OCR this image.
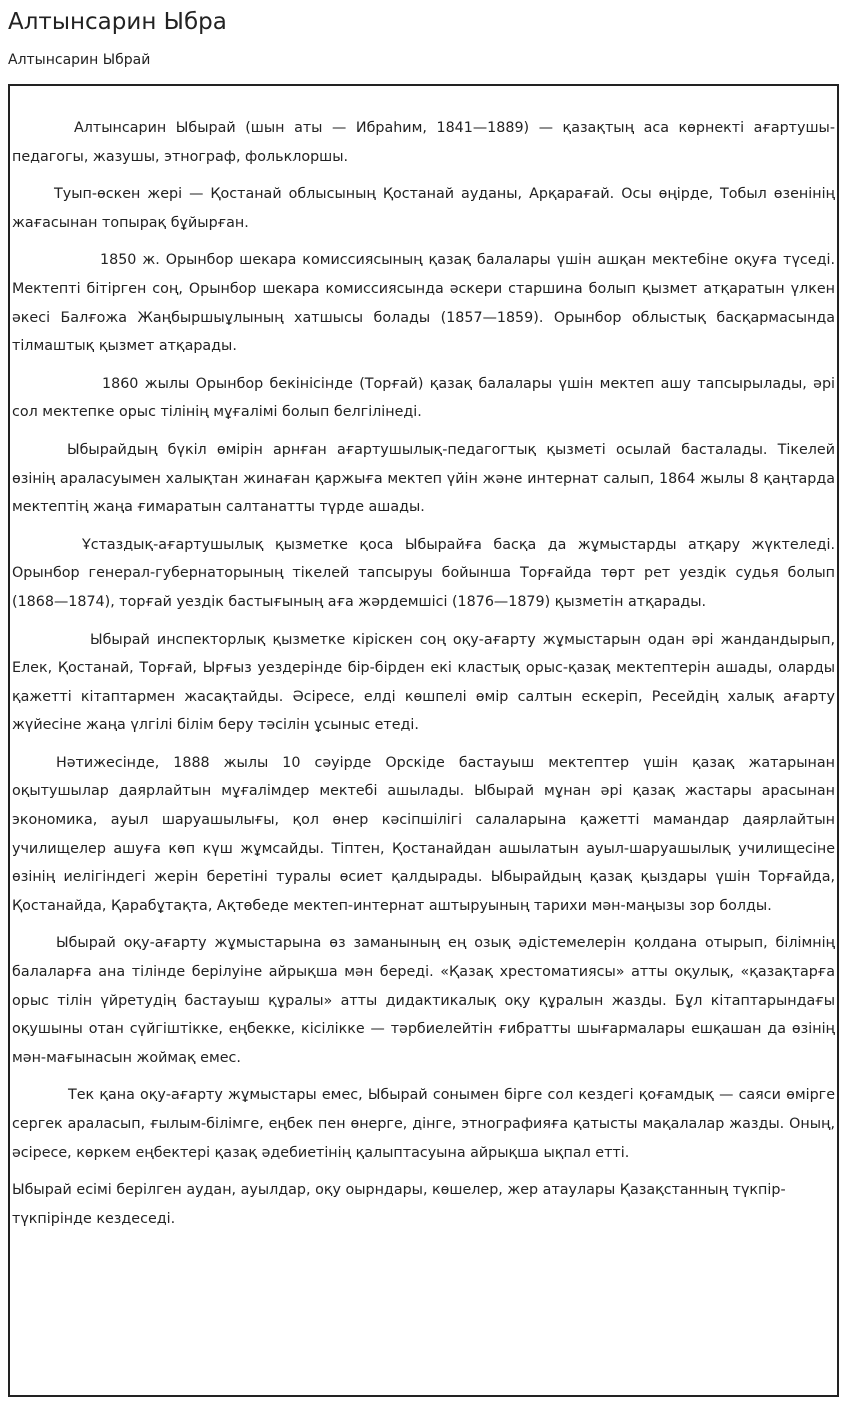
Алтынсарин Ыбра

Алтынсарин Ыбрай

Алтынсарин Ыбырай (шын аты — Ибраһим, 1841—1889) — қазақтың аса көрнекті ағартушы-педагогы, жазушы, этнограф, фольклоршы.

Туып-өскен жері — Қостанай облысының Қостанай ауданы, Арқарағай. Осы өңірде, Тобыл өзенінің жағасынан топырақ бұйырған.

1850 ж. Орынбор шекара комиссиясының қазақ балалары үшін ашқан мектебіне оқуға түседі. Мектепті бітірген соң, Орынбор шекара комиссиясында әскери старшина болып қызмет атқаратын үлкен әкесі Балғожа Жаңбыршыұлының хатшысы болады (1857—1859). Орынбор облыстық басқармасында тілмаштық қызмет атқарады.

1860 жылы Орынбор бекінісінде (Торғай) қазақ балалары үшін мектеп ашу тапсырылады, әрі сол мектепке орыс тілінің мұғалімі болып белгілінеді.

Ыбырайдың бүкіл өмірін арнған ағартушылық-педагогтық қызметі осылай басталады. Тікелей өзінің араласуымен халықтан жинаған қаржыға мектеп үйін және интернат салып, 1864 жылы 8 қаңтарда мектептің жаңа ғимаратын салтанатты түрде ашады.

Ұстаздық-ағартушылық қызметке қоса Ыбырайға басқа да жұмыстарды атқару жүктеледі. Орынбор генерал-губернаторының тікелей тапсыруы бойынша Торғайда төрт рет уездік судья болып (1868—1874), торғай уездік бастығының аға жәрдемшісі (1876—1879) қызметін атқарады.

Ыбырай инспекторлық қызметке кіріскен соң оқу-ағарту жұмыстарын одан әрі жандандырып, Елек, Қостанай, Торғай, Ырғыз уездерінде бір-бірден екі кластық орыс-қазақ мектептерін ашады, оларды қажетті кітаптармен жасақтайды. Әсіресе, елді көшпелі өмір салтын ескеріп, Ресейдің халық ағарту жүйесіне жаңа үлгілі білім беру тәсілін ұсыныс етеді.

Нәтижесінде, 1888 жылы 10 сәуірде Орскіде бастауыш мектептер үшін қазақ жатарынан оқытушылар даярлайтын мұғалімдер мектебі ашылады. Ыбырай мұнан әрі қазақ жастары арасынан экономика, ауыл шаруашылығы, қол өнер кәсіпшілігі салаларына қажетті мамандар даярлайтын училищелер ашуға көп күш жұмсайды. Тіптен, Қостанайдан ашылатын ауыл-шаруашылық училищесіне өзінің иелігіндегі жерін беретіні туралы өсиет қалдырады. Ыбырайдың қазақ қыздары үшін Торғайда, Қостанайда, Қарабұтақта, Ақтөбеде мектеп-интернат аштыруының тарихи мән-маңызы зор болды.

Ыбырай оқу-ағарту жұмыстарына өз заманының ең озық әдістемелерін қолдана отырып, білімнің балаларға ана тілінде берілуіне айрықша мән береді. «Қазақ хрестоматиясы» атты оқулық, «қазақтарға орыс тілін үйретудің бастауыш құралы» атты дидактикалық оқу құралын жазды. Бұл кітаптарындағы оқушыны отан сүйгіштікке, еңбекке, кісілікке — тәрбиелейтін ғибратты шығармалары ешқашан да өзінің мән-мағынасын жоймақ емес.

Тек қана оқу-ағарту жұмыстары емес, Ыбырай сонымен бірге сол кездегі қоғамдық — саяси өмірге сергек араласып, ғылым-білімге, еңбек пен өнерге, дінге, этнографияға қатысты мақалалар жазды. Оның, әсіресе, көркем еңбектері қазақ әдебиетінің қалыптасуына айрықша ықпал етті.

Ыбырай есімі берілген аудан, ауылдар, оқу оырндары, көшелер, жер атаулары Қазақстанның түкпір-түкпірінде кездеседі.
